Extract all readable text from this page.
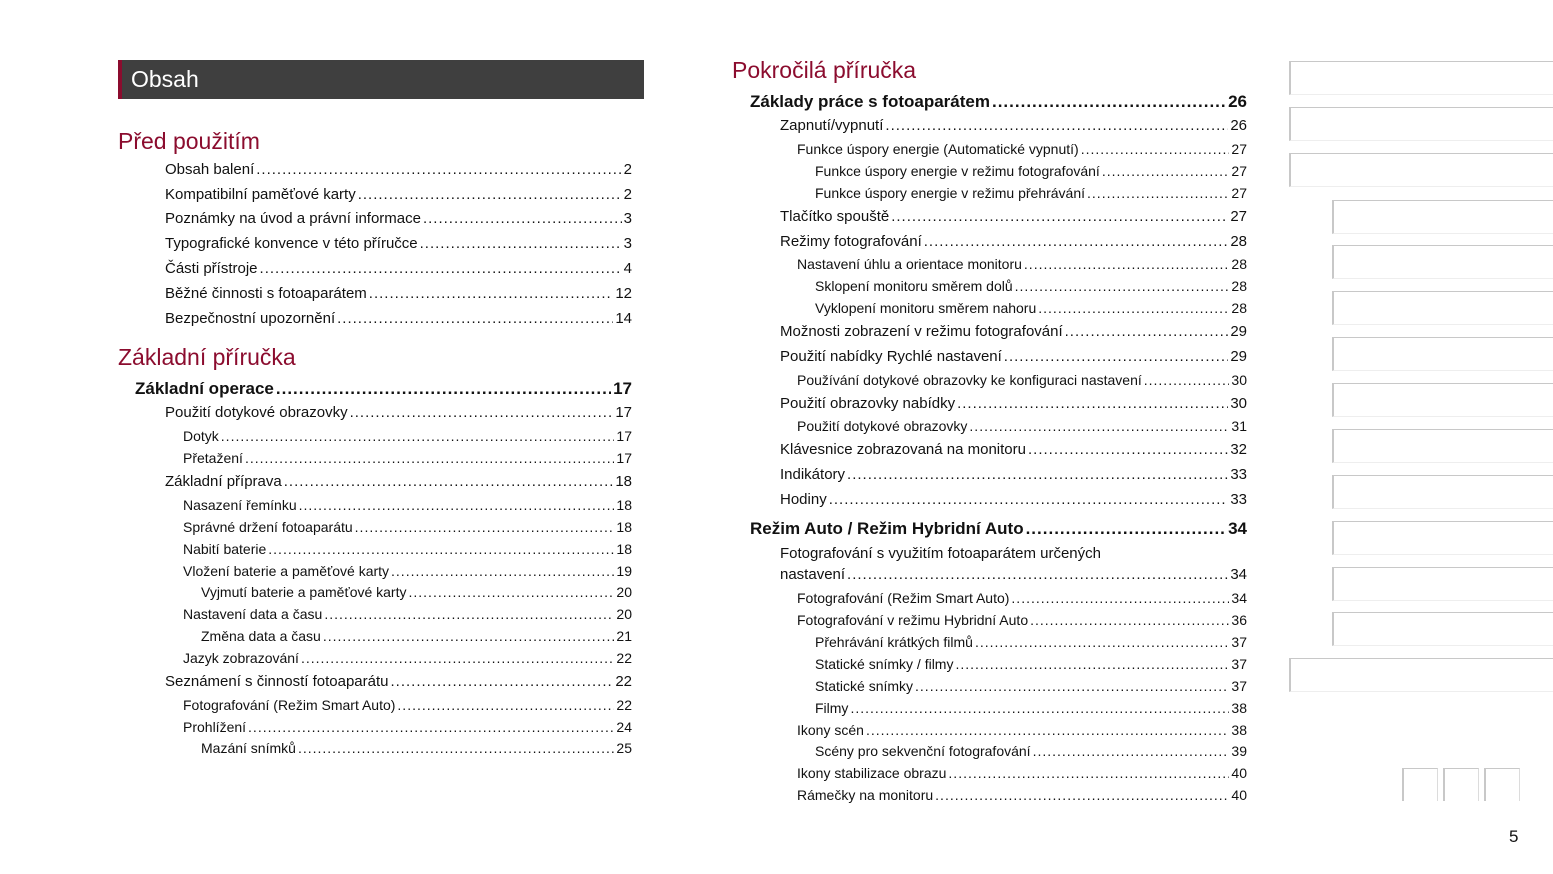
Obsah
Před použitím
Základní příručka
Obsah balení .....	2
Kompatibilní paměťové karty .....	2
Poznámky na úvod a právní informace .....	3
Typografické konvence v této příručce .....	3
Části přístroje .....	4
Běžné činnosti s fotoaparátem .....	12
Bezpečnostní upozornění .....	14
Základní operace .....	17
Použití dotykové obrazovky .....	17
Dotyk .....	17
Přetažení .....	17
Základní příprava .....	18
Nasazení řemínku .....	18
Správné držení fotoaparátu .....	18
Nabití baterie .....	18
Vložení baterie a paměťové karty .....	19
Vyjmutí baterie a paměťové karty .....	20
Nastavení data a času .....	20
Změna data a času .....	21
Jazyk zobrazování .....	22
Seznámení s činností fotoaparátu .....	22
Fotografování (Režim Smart Auto) .....	22
Prohlížení .....	24
Mazání snímků .....	25
Pokročilá příručka
Základy práce s fotoaparátem .....	26
Zapnutí/vypnutí .....	26
Funkce úspory energie (Automatické vypnutí) .....	27
Funkce úspory energie v režimu fotografování .....	27
Funkce úspory energie v režimu přehrávání .....	27
Tlačítko spouště .....	27
Režimy fotografování .....	28
Nastavení úhlu a orientace monitoru .....	28
Sklopení monitoru směrem dolů .....	28
Vyklopení monitoru směrem nahoru .....	28
Možnosti zobrazení v režimu fotografování .....	29
Použití nabídky Rychlé nastavení .....	29
Používání dotykové obrazovky ke konfiguraci nastavení .....	30
Použití obrazovky nabídky .....	30
Použití dotykové obrazovky .....	31
Klávesnice zobrazovaná na monitoru .....	32
Indikátory .....	33
Hodiny .....	33
Režim Auto / Režim Hybridní Auto .....	34
Fotografování s využitím fotoaparátem určených
nastavení .....	34
Fotografování (Režim Smart Auto) .....	34
Fotografování v režimu Hybridní Auto .....	36
Přehrávání krátkých filmů .....	37
Statické snímky / filmy .....	37
Statické snímky .....	37
Filmy .....	38
Ikony scén .....	38
Scény pro sekvenční fotografování .....	39
Ikony stabilizace obrazu .....	40
Rámečky na monitoru .....	40
5
